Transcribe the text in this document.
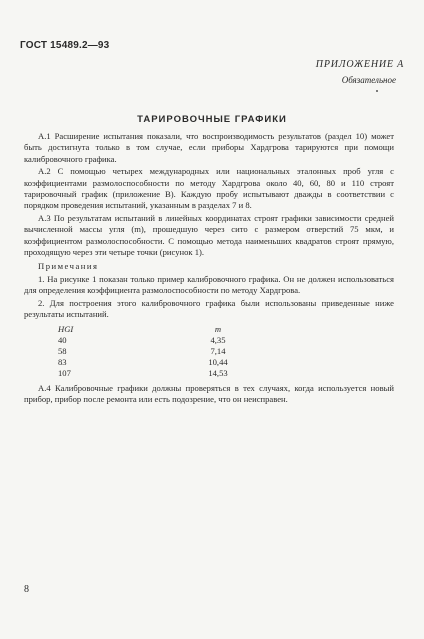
ГОСТ 15489.2—93
ПРИЛОЖЕНИЕ А
Обязательное
ТАРИРОВОЧНЫЕ ГРАФИКИ

А.1 Расширение испытания показали, что воспроизводимость результатов (раздел 10) может быть достигнута только в том случае, если приборы Хардгрова тарируются при помощи калибровочного графика.

А.2 С помощью четырех международных или национальных эталонных проб угля с коэффициентами размолоспособности по методу Хардгрова около 40, 60, 80 и 110 строят тарировочный график (приложение В). Каждую пробу испытывают дважды в соответствии с порядком проведения испытаний, указанным в разделах 7 и 8.

А.3 По результатам испытаний в линейных координатах строят графики зависимости средней вычисленной массы угля (m), прошедшую через сито с размером отверстий 75 мкм, и коэффициентом размолоспособности. С помощью метода наименьших квадратов строят прямую, проходящую через эти четыре точки (рисунок 1).

Примечания

1. На рисунке 1 показан только пример калибровочного графика. Он не должен использоваться для определения коэффициента размолоспособности по методу Хардгрова.

2. Для построения этого калибровочного графика были использованы приведенные ниже результаты испытаний.

HGI	m
40	4,35
58	7,14
83	10,44
107	14,53

А.4 Калибровочные графики должны проверяться в тех случаях, когда используется новый прибор, прибор после ремонта или есть подозрение, что он неисправен.

8
